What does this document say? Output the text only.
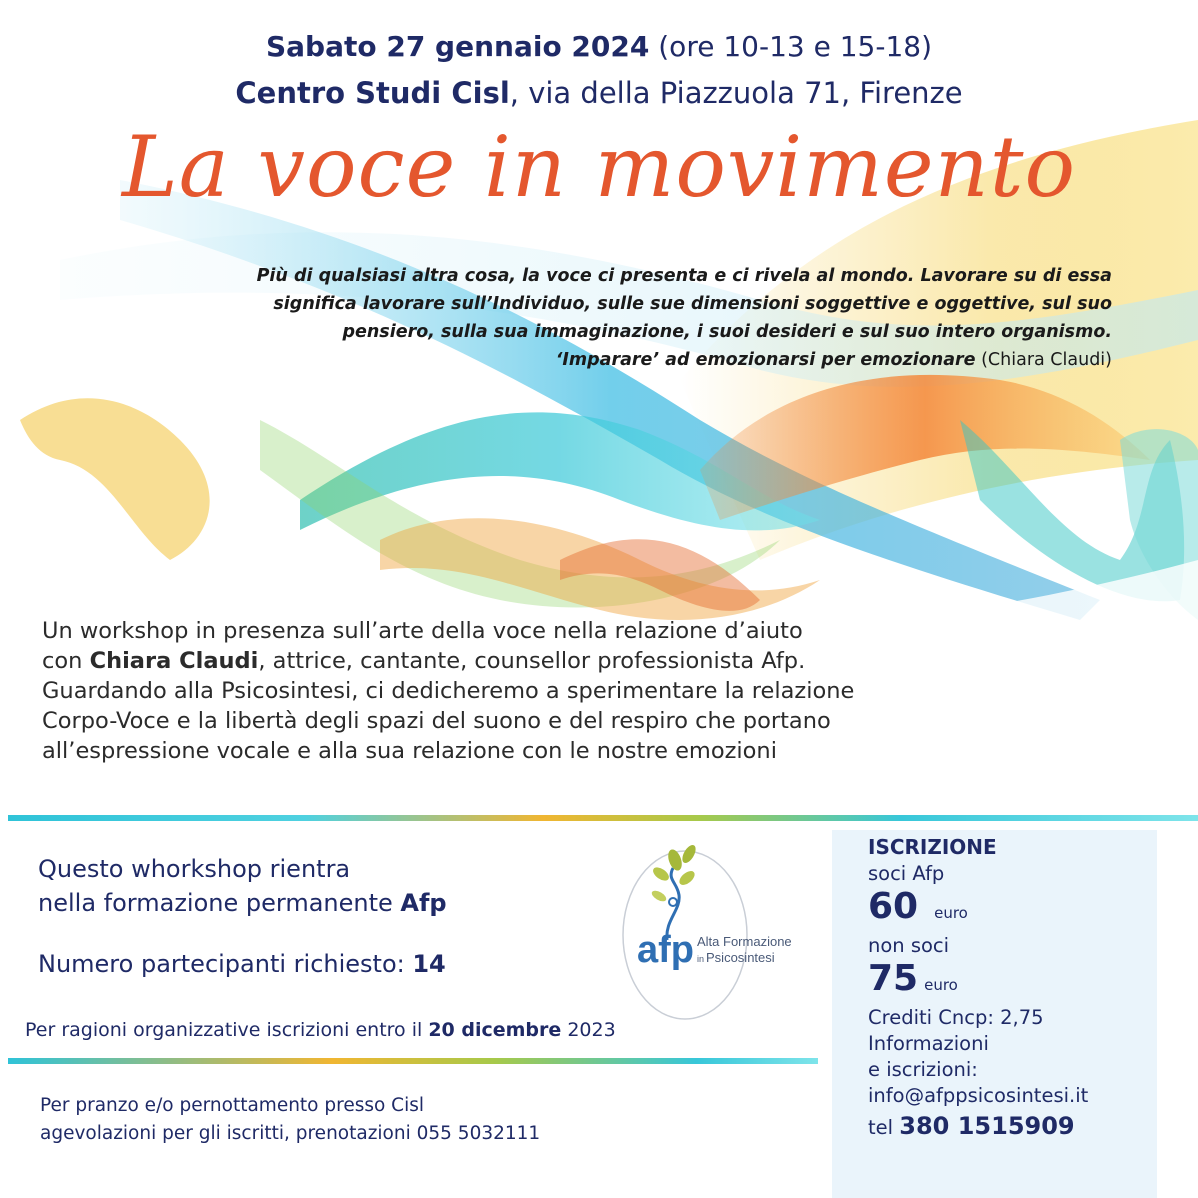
Sabato 27 gennaio 2024 (ore 10-13 e 15-18)
Centro Studi Cisl, via della Piazzuola 71, Firenze
La voce in movimento
Più di qualsiasi altra cosa, la voce ci presenta e ci rivela al mondo. Lavorare su di essa
significa lavorare sull’Individuo, sulle sue dimensioni soggettive e oggettive, sul suo
pensiero, sulla sua immaginazione, i suoi desideri e sul suo intero organismo.
‘Imparare’ ad emozionarsi per emozionare (Chiara Claudi)
Un workshop in presenza sull’arte della voce nella relazione d’aiuto
con Chiara Claudi, attrice, cantante, counsellor professionista Afp.
Guardando alla Psicosintesi, ci dedicheremo a sperimentare la relazione
Corpo-Voce e la libertà degli spazi del suono e del respiro che portano
all’espressione vocale e alla sua relazione con le nostre emozioni
Questo whorkshop rientra
nella formazione permanente Afp
Numero partecipanti richiesto: 14
Per ragioni organizzative iscrizioni entro il 20 dicembre 2023
Per pranzo e/o pernottamento presso Cisl
agevolazioni per gli iscritti, prenotazioni 055 5032111
afp Alta Formazione
in Psicosintesi
ISCRIZIONE
soci Afp
60 euro
non soci
75 euro
Crediti Cncp: 2,75
Informazioni
e iscrizioni:
info@afppsicosintesi.it
tel 380 1515909
